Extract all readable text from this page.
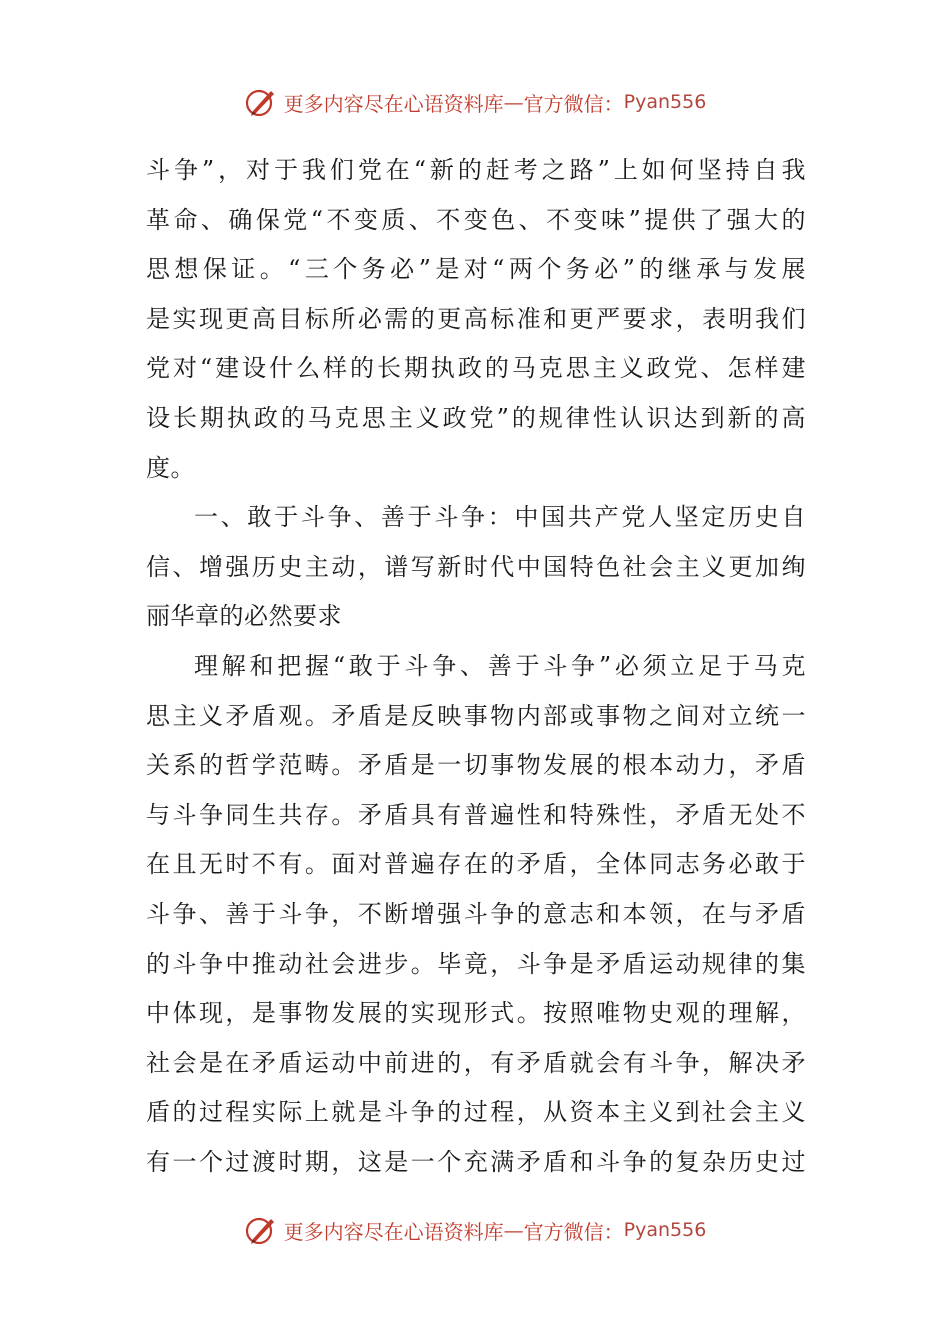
更多内容尽在心语资料库 — 官方微信： Pyan556
斗争”，对于我们党在“新的赶考之路”上如何坚持自我
革命、确保党“不变质、不变色、不变味”提供了强大的
思想保证。“三个务必”是对“两个务必”的继承与发展
是实现更高目标所必需的更高标准和更严要求，表明我们
党对“建设什么样的长期执政的马克思主义政党、怎样建
设长期执政的马克思主义政党”的规律性认识达到新的高
度。
一、敢于斗争、善于斗争：中国共产党人坚定历史自
信、增强历史主动，谱写新时代中国特色社会主义更加绚
丽华章的必然要求
理解和把握“敢于斗争、善于斗争”必须立足于马克
思主义矛盾观。矛盾是反映事物内部或事物之间对立统一
关系的哲学范畴。矛盾是一切事物发展的根本动力，矛盾
与斗争同生共存。矛盾具有普遍性和特殊性，矛盾无处不
在且无时不有。面对普遍存在的矛盾，全体同志务必敢于
斗争、善于斗争，不断增强斗争的意志和本领，在与矛盾
的斗争中推动社会进步。毕竟，斗争是矛盾运动规律的集
中体现，是事物发展的实现形式。按照唯物史观的理解，
社会是在矛盾运动中前进的，有矛盾就会有斗争，解决矛
盾的过程实际上就是斗争的过程，从资本主义到社会主义
有一个过渡时期，这是一个充满矛盾和斗争的复杂历史过
更多内容尽在心语资料库 — 官方微信： Pyan556
